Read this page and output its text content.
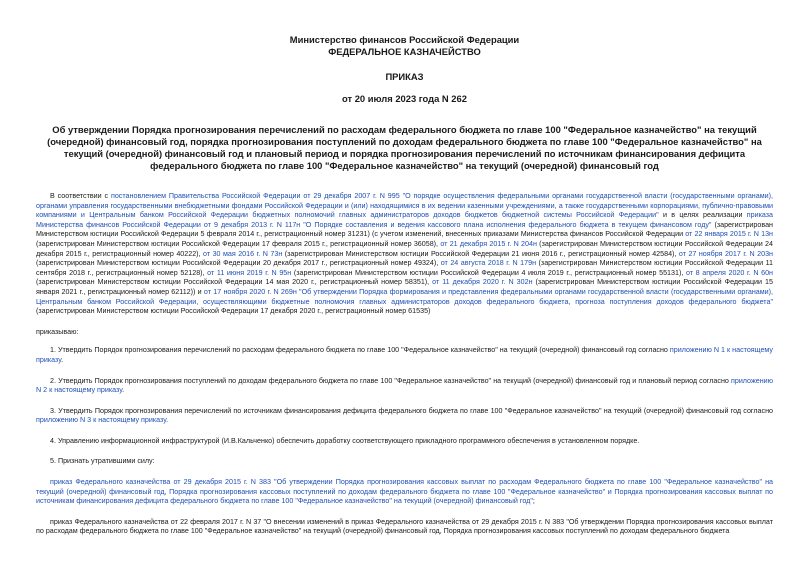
Министерство финансов Российской Федерации
ФЕДЕРАЛЬНОЕ КАЗНАЧЕЙСТВО
ПРИКАЗ
от 20 июля 2023 года N 262
Об утверждении Порядка прогнозирования перечислений по расходам федерального бюджета по главе 100 "Федеральное казначейство" на текущий (очередной) финансовый год, порядка прогнозирования поступлений по доходам федерального бюджета по главе 100 "Федеральное казначейство" на текущий (очередной) финансовый год и плановый период и порядка прогнозирования перечислений по источникам финансирования дефицита федерального бюджета по главе 100 "Федеральное казначейство" на текущий (очередной) финансовый год

В соответствии с постановлением Правительства Российской Федерации от 29 декабря 2007 г. N 995 "О порядке осуществления федеральными органами государственной власти (государственными органами), органами управления государственными внебюджетными фондами Российской Федерации и (или) находящимися в их ведении казенными учреждениями, а также государственными корпорациями, публично-правовыми компаниями и Центральным банком Российской Федерации бюджетных полномочий главных администраторов доходов бюджетов бюджетной системы Российской Федерации" и в целях реализации приказа Министерства финансов Российской Федерации от 9 декабря 2013 г. N 117н "О Порядке составления и ведения кассового плана исполнения федерального бюджета в текущем финансовом году" (зарегистрирован Министерством юстиции Российской Федерации 5 февраля 2014 г., регистрационный номер 31231) (с учетом изменений, внесенных приказами Министерства финансов Российской Федерации от 22 января 2015 г. N 13н (зарегистрирован Министерством юстиции Российской Федерации 17 февраля 2015 г., регистрационный номер 36058), от 21 декабря 2015 г. N 204н (зарегистрирован Министерством юстиции Российской Федерации 24 декабря 2015 г., регистрационный номер 40222), от 30 мая 2016 г. N 73н (зарегистрирован Министерством юстиции Российской Федерации 21 июня 2016 г., регистрационный номер 42584), от 27 ноября 2017 г. N 203н (зарегистрирован Министерством юстиции Российской Федерации 20 декабря 2017 г., регистрационный номер 49324), от 24 августа 2018 г. N 179н (зарегистрирован Министерством юстиции Российской Федерации 11 сентября 2018 г., регистрационный номер 52128), от 11 июня 2019 г. N 95н (зарегистрирован Министерством юстиции Российской Федерации 4 июля 2019 г., регистрационный номер 55131), от 8 апреля 2020 г. N 60н (зарегистрирован Министерством юстиции Российской Федерации 14 мая 2020 г., регистрационный номер 58351), от 11 декабря 2020 г. N 302н (зарегистрирован Министерством юстиции Российской Федерации 15 января 2021 г., регистрационный номер 62112)) и от 17 ноября 2020 г. N 269н "Об утверждении Порядка формирования и представления федеральными органами государственной власти (государственными органами), Центральным банком Российской Федерации, осуществляющими бюджетные полномочия главных администраторов доходов федерального бюджета, прогноза поступления доходов федерального бюджета" (зарегистрирован Министерством юстиции Российской Федерации 17 декабря 2020 г., регистрационный номер 61535)

приказываю:

1. Утвердить Порядок прогнозирования перечислений по расходам федерального бюджета по главе 100 "Федеральное казначейство" на текущий (очередной) финансовый год согласно приложению N 1 к настоящему приказу.

2. Утвердить Порядок прогнозирования поступлений по доходам федерального бюджета по главе 100 "Федеральное казначейство" на текущий (очередной) финансовый год и плановый период согласно приложению N 2 к настоящему приказу.

3. Утвердить Порядок прогнозирования перечислений по источникам финансирования дефицита федерального бюджета по главе 100 "Федеральное казначейство" на текущий (очередной) финансовый год согласно приложению N 3 к настоящему приказу.

4. Управлению информационной инфраструктурой (И.В.Кальченко) обеспечить доработку соответствующего прикладного программного обеспечения в установленном порядке.

5. Признать утратившими силу:

приказ Федерального казначейства от 29 декабря 2015 г. N 383 "Об утверждении Порядка прогнозирования кассовых выплат по расходам Федерального бюджета по главе 100 "Федеральное казначейство" на текущий (очередной) финансовый год, Порядка прогнозирования кассовых поступлений по доходам федерального бюджета по главе 100 "Федеральное казначейство" и Порядка прогнозирования кассовых выплат по источникам финансирования дефицита федерального бюджета по главе 100 "Федеральное казначейство" на текущий (очередной) финансовый год";

приказ Федерального казначейства от 22 февраля 2017 г. N 37 "О внесении изменений в приказ Федерального казначейства от 29 декабря 2015 г. N 383 "Об утверждении Порядка прогнозирования кассовых выплат по расходам федерального бюджета по главе 100 "Федеральное казначейство" на текущий (очередной) финансовый год, Порядка прогнозирования кассовых поступлений по доходам федерального бюджета
